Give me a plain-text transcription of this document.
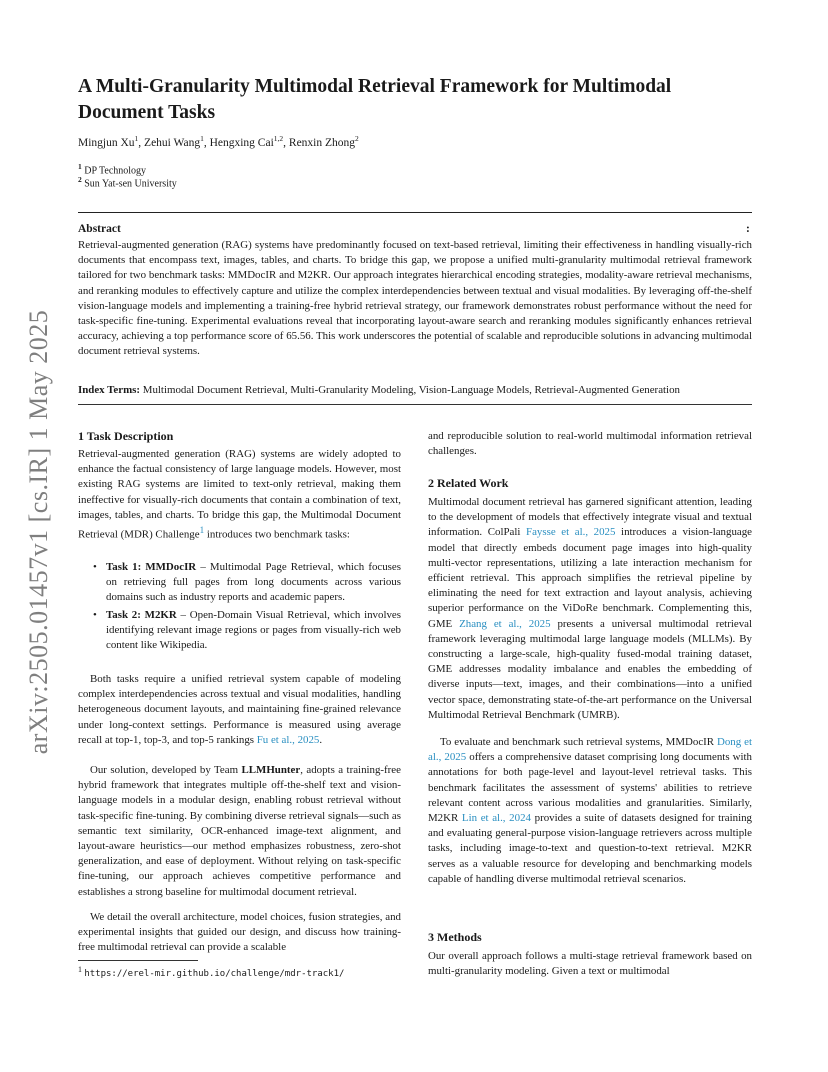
arXiv:2505.01457v1 [cs.IR] 1 May 2025
A Multi-Granularity Multimodal Retrieval Framework for Multimodal Document Tasks
Mingjun Xu$^1$, Zehui Wang$^1$, Hengxing Cai$^{1,2}$, Renxin Zhong$^2$
$^1$ DP Technology
$^2$ Sun Yat-sen University
Abstract	:
Retrieval-augmented generation (RAG) systems have predominantly focused on text-based retrieval, limiting their effectiveness in handling visually-rich documents that encompass text, images, tables, and charts. To bridge this gap, we propose a unified multi-granularity multimodal retrieval framework tailored for two benchmark tasks: MMDocIR and M2KR. Our approach integrates hierarchical encoding strategies, modality-aware retrieval mechanisms, and reranking modules to effectively capture and utilize the complex interdependencies between textual and visual modalities. By leveraging off-the-shelf vision-language models and implementing a training-free hybrid retrieval strategy, our framework demonstrates robust performance without the need for task-specific fine-tuning. Experimental evaluations reveal that incorporating layout-aware search and reranking modules significantly enhances retrieval accuracy, achieving a top performance score of 65.56. This work underscores the potential of scalable and reproducible solutions in advancing multimodal document retrieval systems.
Index Terms: Multimodal Document Retrieval, Multi-Granularity Modeling, Vision-Language Models, Retrieval-Augmented Generation
1 Task Description
Retrieval-augmented generation (RAG) systems are widely adopted to enhance the factual consistency of large language models. However, most existing RAG systems are limited to text-only retrieval, making them ineffective for visually-rich documents that contain a combination of text, images, tables, and charts. To bridge this gap, the Multimodal Document Retrieval (MDR) Challenge$^1$ introduces two benchmark tasks:
• Task 1: MMDocIR – Multimodal Page Retrieval, which focuses on retrieving full pages from long documents across various domains such as industry reports and academic papers.
• Task 2: M2KR – Open-Domain Visual Retrieval, which involves identifying relevant image regions or pages from visually-rich web content like Wikipedia.
Both tasks require a unified retrieval system capable of modeling complex interdependencies across textual and visual modalities, handling heterogeneous document layouts, and maintaining fine-grained relevance under long-context settings. Performance is measured using average recall at top-1, top-3, and top-5 rankings Fu et al., 2025.
Our solution, developed by Team LLMHunter, adopts a training-free hybrid framework that integrates multiple off-the-shelf text and vision-language models in a modular design, enabling robust retrieval without task-specific fine-tuning. By combining diverse retrieval signals—such as semantic text similarity, OCR-enhanced image-text alignment, and layout-aware heuristics—our method emphasizes robustness, zero-shot generalization, and ease of deployment. Without relying on task-specific fine-tuning, our approach achieves competitive performance and establishes a strong baseline for multimodal document retrieval.
We detail the overall architecture, model choices, fusion strategies, and experimental insights that guided our design, and discuss how training-free multimodal retrieval can provide a scalable
$^1$ https://erel-mir.github.io/challenge/mdr-track1/
and reproducible solution to real-world multimodal information retrieval challenges.
2 Related Work
Multimodal document retrieval has garnered significant attention, leading to the development of models that effectively integrate visual and textual information. ColPali Faysse et al., 2025 introduces a vision-language model that directly embeds document page images into high-quality multi-vector representations, utilizing a late interaction mechanism for efficient retrieval. This approach simplifies the retrieval pipeline by eliminating the need for text extraction and layout analysis, achieving superior performance on the ViDoRe benchmark. Complementing this, GME Zhang et al., 2025 presents a universal multimodal retrieval framework leveraging multimodal large language models (MLLMs). By constructing a large-scale, high-quality fused-modal training dataset, GME addresses modality imbalance and enables the embedding of diverse inputs—text, images, and their combinations—into a unified vector space, demonstrating state-of-the-art performance on the Universal Multimodal Retrieval Benchmark (UMRB).
To evaluate and benchmark such retrieval systems, MMDocIR Dong et al., 2025 offers a comprehensive dataset comprising long documents with annotations for both page-level and layout-level retrieval tasks. This benchmark facilitates the assessment of systems' abilities to retrieve relevant content across various modalities and granularities. Similarly, M2KR Lin et al., 2024 provides a suite of datasets designed for training and evaluating general-purpose vision-language retrievers across multiple tasks, including image-to-text and question-to-text retrieval. M2KR serves as a valuable resource for developing and benchmarking models capable of handling diverse multimodal retrieval scenarios.
3 Methods
Our overall approach follows a multi-stage retrieval framework based on multi-granularity modeling. Given a text or multimodal
